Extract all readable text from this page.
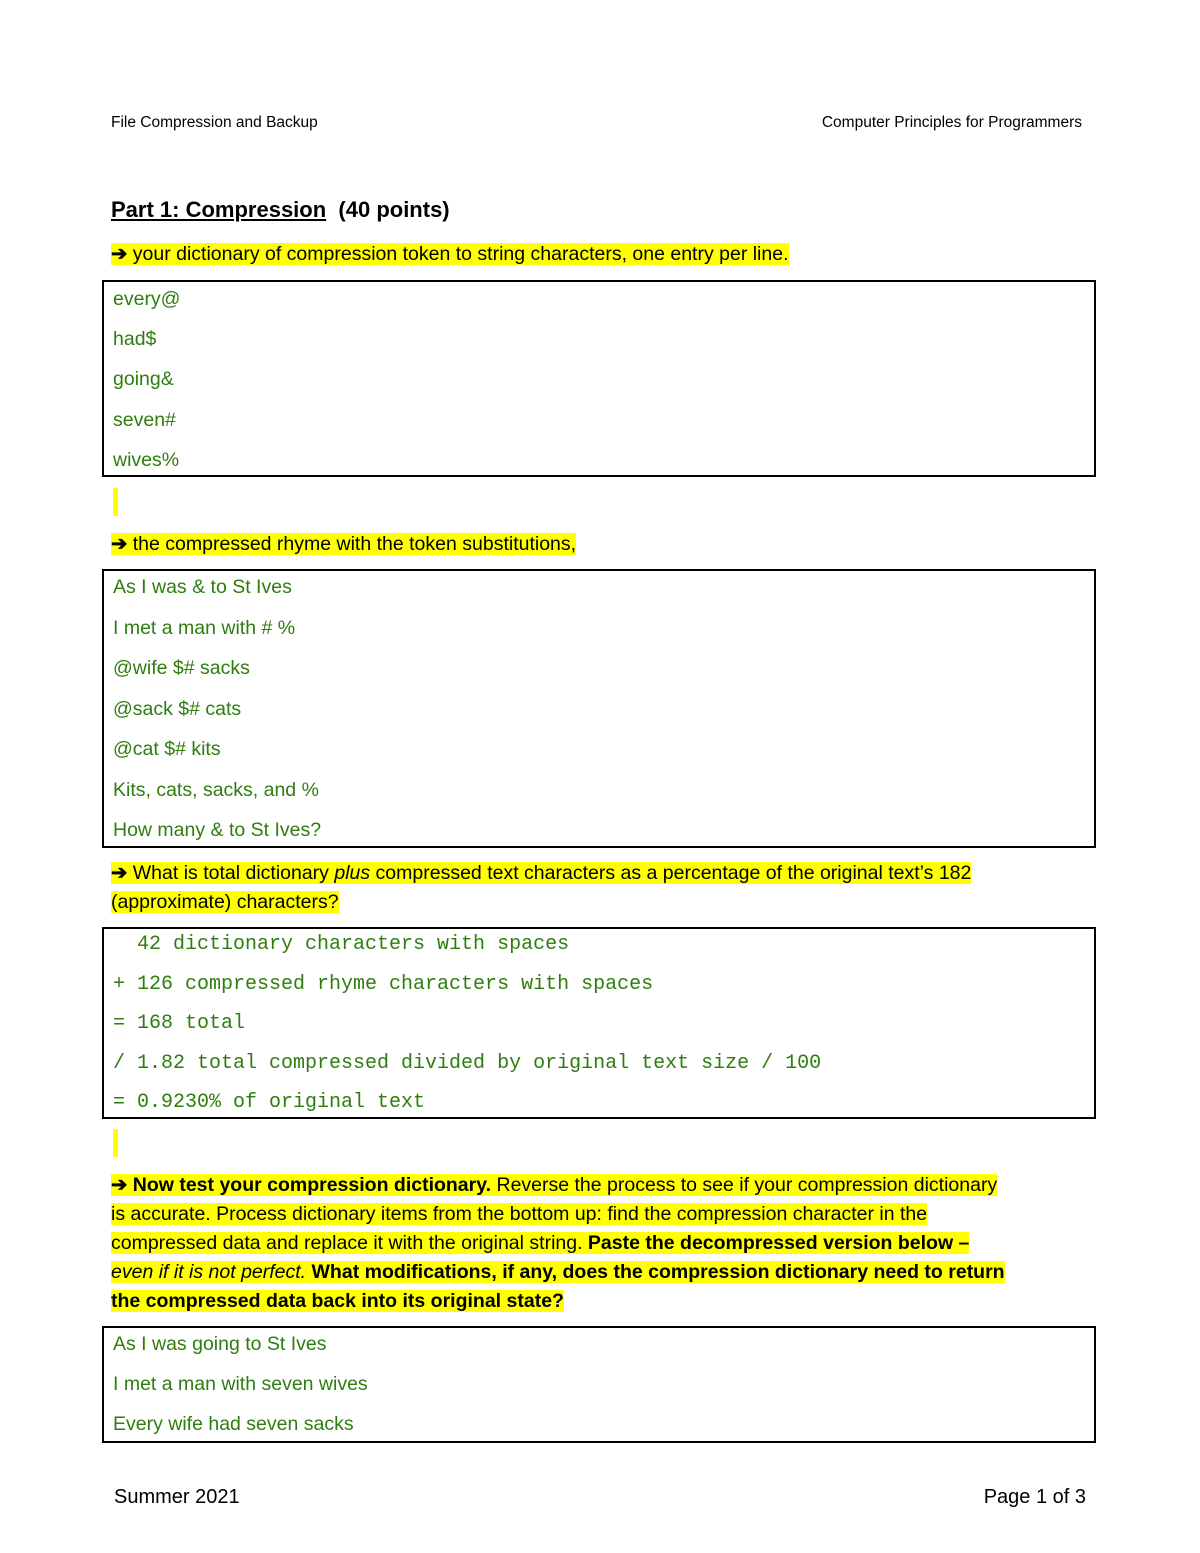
File Compression and Backup	Computer Principles for Programmers
Part 1: Compression (40 points)
➔ your dictionary of compression token to string characters, one entry per line.
every@
had$
going&
seven#
wives%
➔ the compressed rhyme with the token substitutions,
As I was & to St Ives
I met a man with # %
@wife $# sacks
@sack $# cats
@cat $# kits
Kits, cats, sacks, and %
How many & to St Ives?
➔ What is total dictionary plus compressed text characters as a percentage of the original text’s 182
(approximate) characters?
42 dictionary characters with spaces
+ 126 compressed rhyme characters with spaces
= 168 total
/ 1.82 total compressed divided by original text size / 100
= 0.9230% of original text
➔ Now test your compression dictionary. Reverse the process to see if your compression dictionary
is accurate. Process dictionary items from the bottom up: find the compression character in the
compressed data and replace it with the original string. Paste the decompressed version below –
even if it is not perfect. What modifications, if any, does the compression dictionary need to return
the compressed data back into its original state?
As I was going to St Ives
I met a man with seven wives
Every wife had seven sacks
Summer 2021	Page 1 of 3
